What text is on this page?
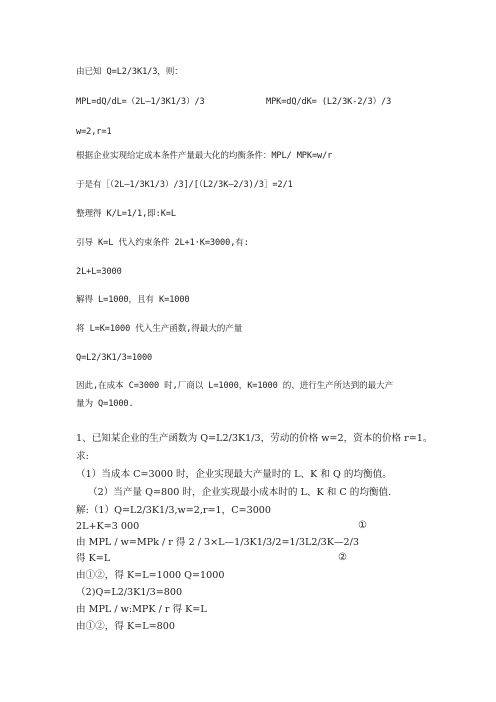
由已知 Q=L2/3K1/3，则：
MPL=dQ/dL=（2L—1/3K1/3）/3	MPK=dQ/dK= (L2/3K-2/3）/3
w=2,r=1
根据企业实现给定成本条件产量最大化的均衡条件：MPL/ MPK=w/r
于是有［（2L—1/3K1/3）/3]/[（L2/3K—2/3)/3］=2/1
整理得 K/L=1/1,即:K=L
引导 K=L 代入约束条件 2L+1·K=3000,有:
2L+L=3000
解得 L=1000，且有 K=1000
将 L=K=1000 代入生产函数,得最大的产量
Q=L2/3K1/3=1000
因此,在成本 C=3000 时,厂商以 L=1000，K=1000 的、进行生产所达到的最大产
量为 Q=1000.
1、已知某企业的生产函数为 Q=L2/3K1/3，劳动的价格 w=2，资本的价格 r=1。
求:
（1）当成本 C=3000 时，企业实现最大产量时的 L、K 和 Q 的均衡值。
（2）当产量 Q=800 时，企业实现最小成本时的 L、K 和 C 的均衡值.
解:（1）Q=L2/3K1/3,w=2,r=1，C=3000
2L+K=3 000	①
由 MPL / w=MPk / r 得 2 / 3×L—1/3K1/3/2=1/3L2/3K—2/3
得 K=L	②
由①②，得 K=L=1000 Q=1000
（2)Q=L2/3K1/3=800
由 MPL / w:MPK / r 得 K=L
由①②，得 K=L=800
